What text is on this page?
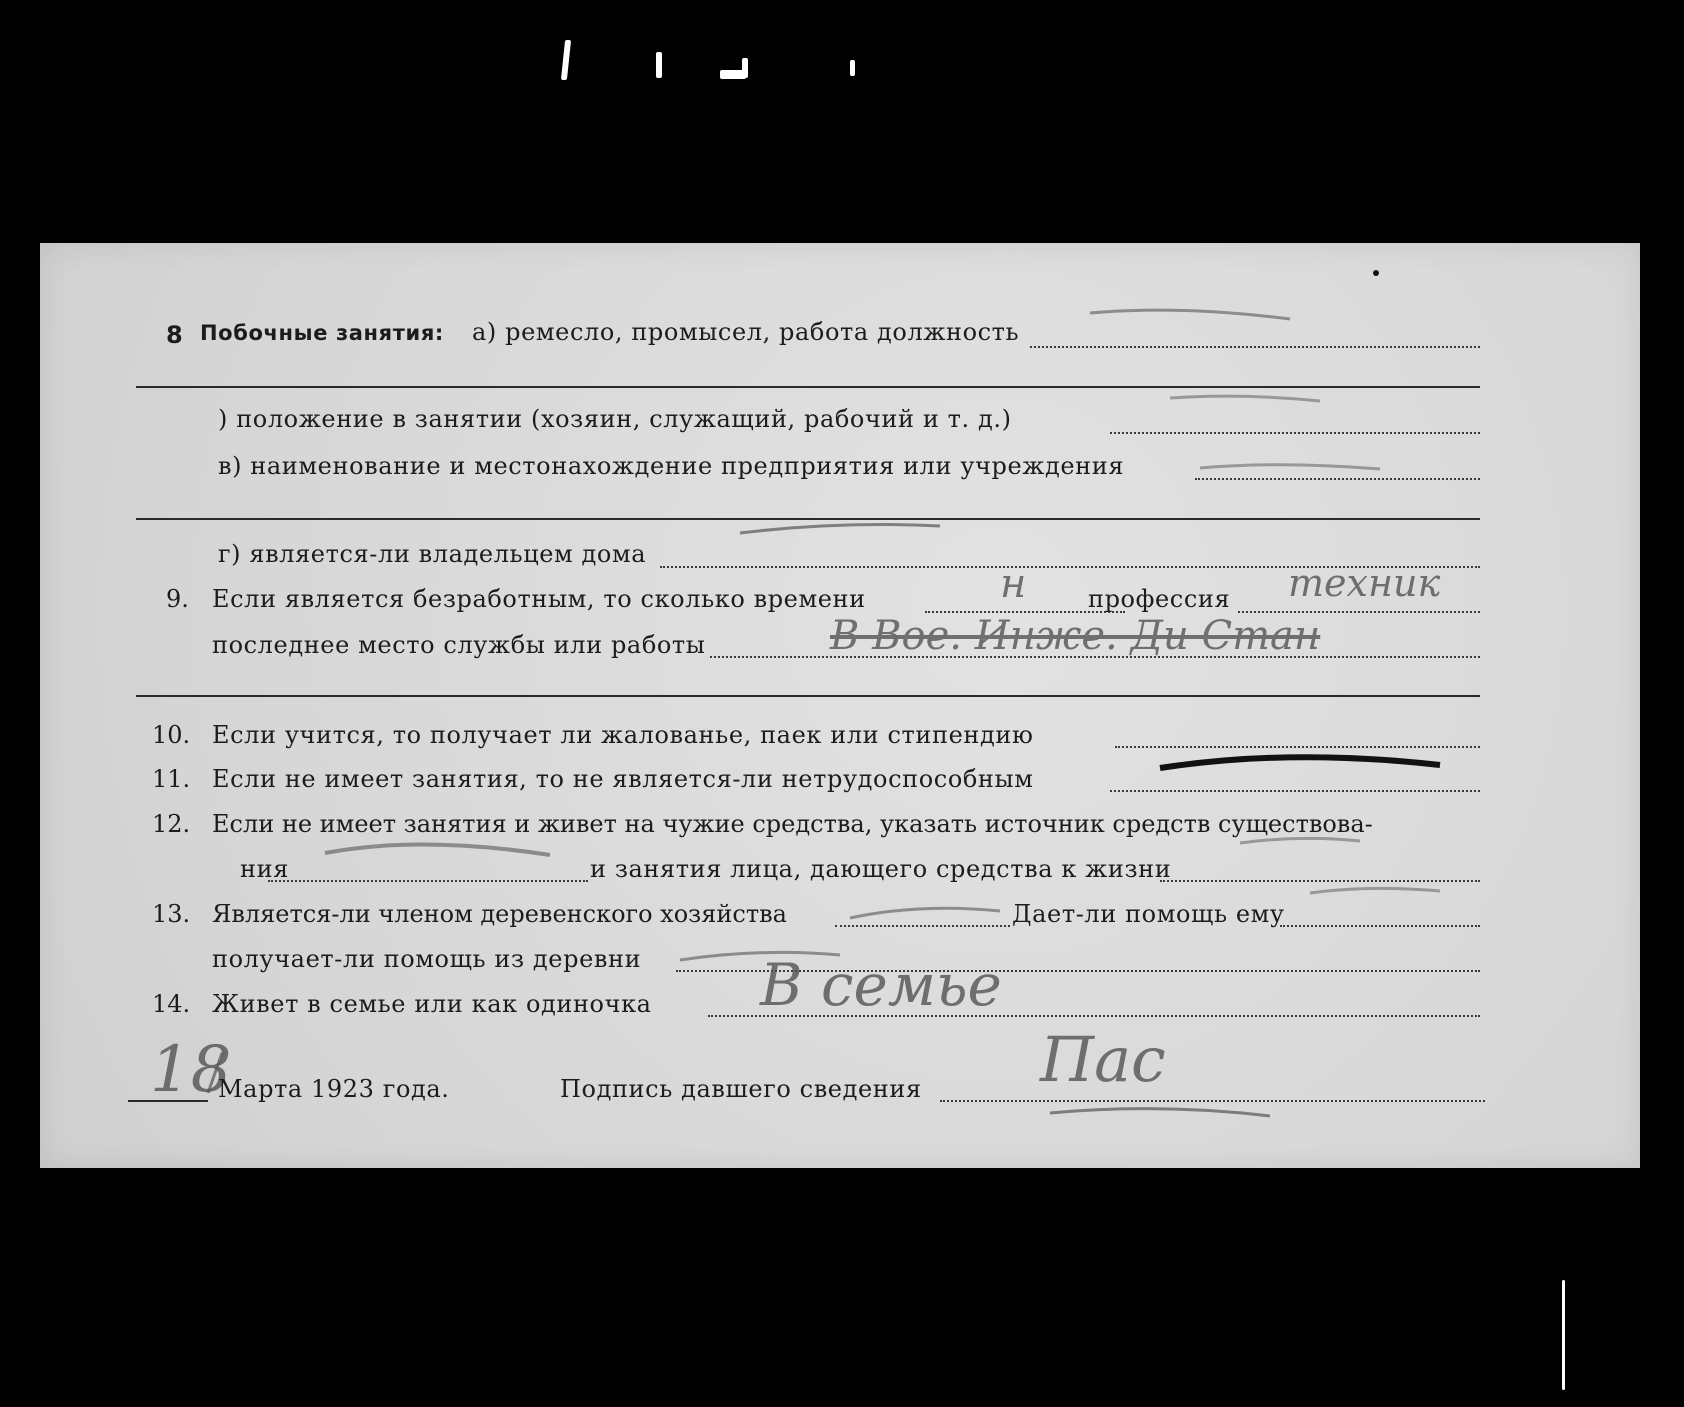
8 Побочные занятия: а) ремесло, промысел, работа должность
) положение в занятии (хозяин, служащий, рабочий и т. д.)
в) наименование и местонахождение предприятия или учреждения
г) является-ли владельцем дома
9. Если является безработным, то сколько времени	н	профессия техник
последнее место службы или работы	В Вое. Инже. Ди Стан
10. Если учится, то получает ли жалованье, паек или стипендию
11. Если не имеет занятия, то не является-ли нетрудоспособным
12. Если не имеет занятия и живет на чужие средства, указать источник средств существова-
ния	и занятия лица, дающего средства к жизни
13. Является-ли членом деревенского хозяйства	Дает-ли помощь ему
получает-ли помощь из деревни
14. Живет в семье или как одиночка В семье
18
Марта 1923 года.	Подпись давшего сведения Пас
